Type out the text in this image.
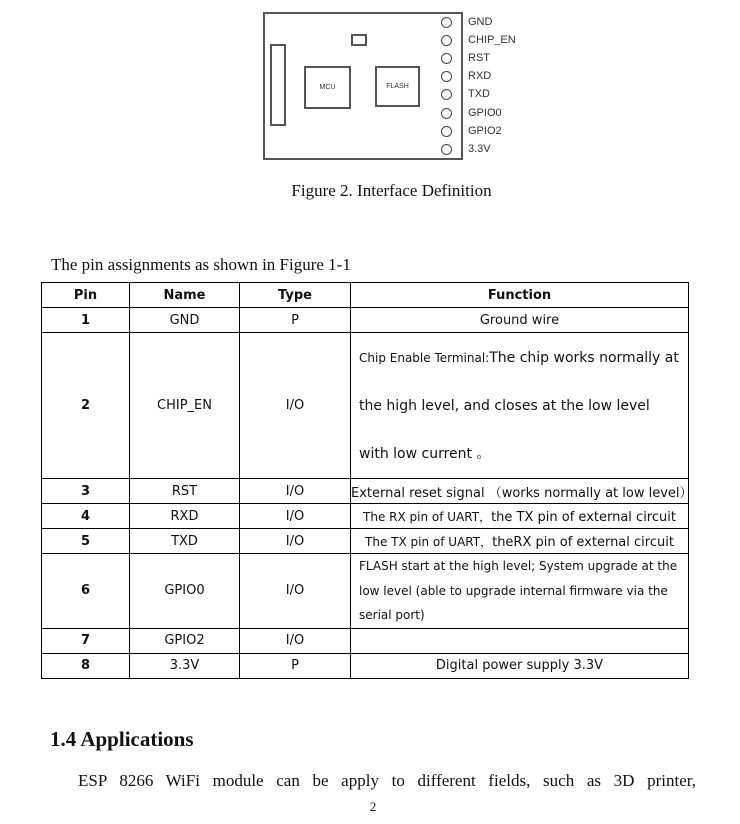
MCU	FLASH
GND
CHIP_EN
RST
RXD
TXD
GPIO0
GPIO2
3.3V
Figure 2. Interface Definition
The pin assignments as shown in Figure 1-1
Pin	Name	Type	Function
1	GND	P	Ground wire
2	CHIP_EN	I/O	Chip Enable Terminal:The chip works normally at the high level, and closes at the low level with low current 。
3	RST	I/O	External reset signal （works normally at low level）
4	RXD	I/O	The RX pin of UART，the TX pin of external circuit
5	TXD	I/O	The TX pin of UART，theRX pin of external circuit
6	GPIO0	I/O	FLASH start at the high level; System upgrade at the low level (able to upgrade internal firmware via the serial port)
7	GPIO2	I/O	
8	3.3V	P	Digital power supply 3.3V
1.4 Applications
ESP 8266 WiFi module can be apply to different fields, such as 3D printer,
2
